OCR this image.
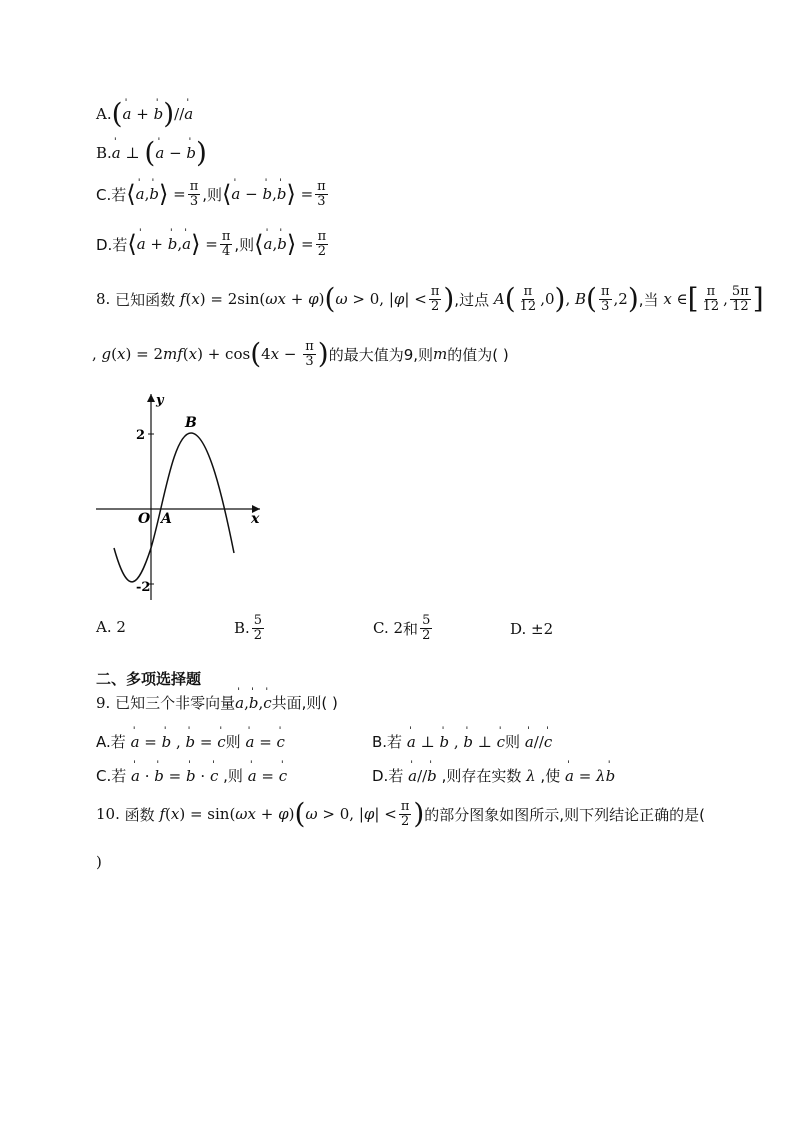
A. ( ˈ a + ˈ b ) // ˈ a
B. ˈ a ⊥ ( ˈ a − ˈ b )
C.若 ⟨ ˈ a , ˈ b ⟩ = $\frac{\pi}{3}$ ,则 ⟨ ˈ a − ˈ b , ˈ b ⟩ = $\frac{\pi}{3}$
D.若 ⟨ ˈ a + ˈ b , ˈ a ⟩ = $\frac{\pi}{4}$ ,则 ⟨ ˈ a , ˈ b ⟩ = $\frac{\pi}{2}$
8.
已知函数
f ( x ) = 2sin( ωx + φ ) ( ω > 0, | φ | < $\frac{\pi}{2}$ ) ,过点
A ( $\frac{\pi}{12} ,0$ ) , B ( $\frac{\pi}{3} ,2$ ) ,当
x ∈ [ $\frac{\pi}{12}$ , $\frac{5\pi}{12}$ ]
, g ( x ) = 2 mf ( x ) + cos ( 4 $x - \frac{\pi}{3}$ ) 的最大值为9,则 m 的值为( )
y
x
O A
B
2
-2
A.
2	B. $\frac{5}{2}$	C.
2 和 $\frac{5}{2}$	D.
±2
二、多项选择题
9.
已知三个非零向量 ˈ a , ˈ b , ˈ c 共面,则( )
A.若
ˈ a = ˈ b , ˈ b = ˈ c 则
ˈ a = ˈ c	B.若
ˈ a ⊥ ˈ b , ˈ b ⊥ ˈ c 则
ˈ a // ˈ c
C.若
ˈ a · ˈ b = ˈ b · ˈ c
,则
ˈ a = ˈ c	D.若
ˈ a // ˈ b
,则存在实数
λ
,使
ˈ a = λ ˈ b
10.
函数
f ( x ) = sin( ωx + φ ) ( ω > 0, | φ | < $\frac{\pi}{2}$ ) 的部分图象如图所示,则下列结论正确的是(
)
